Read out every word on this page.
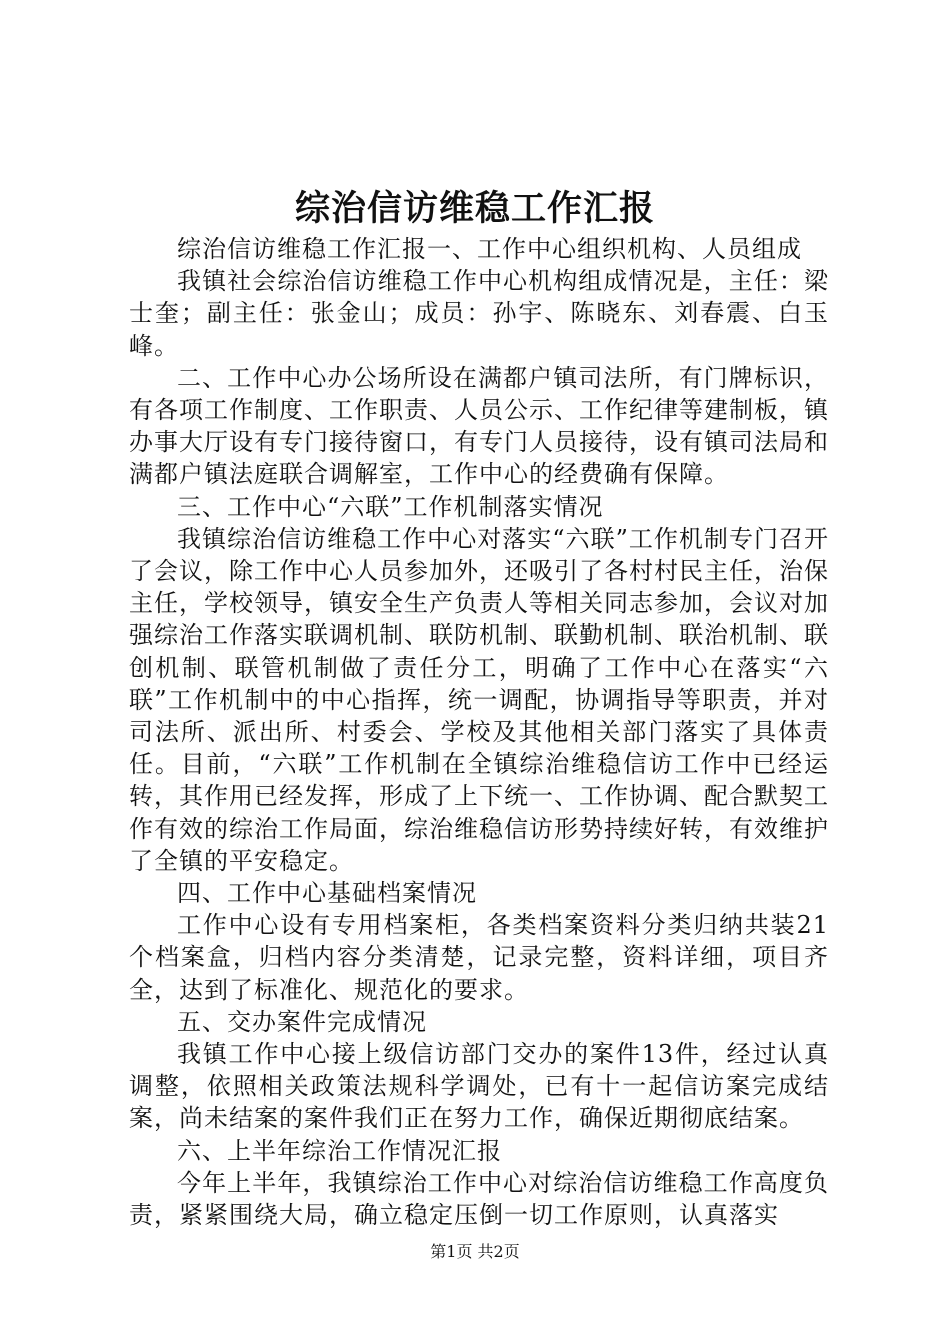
综治信访维稳工作汇报

综治信访维稳工作汇报一、工作中心组织机构、人员组成

我镇社会综治信访维稳工作中心机构组成情况是，主任：梁士奎；副主任：张金山；成员：孙宇、陈晓东、刘春震、白玉峰。

二、工作中心办公场所设在满都户镇司法所，有门牌标识，有各项工作制度、工作职责、人员公示、工作纪律等建制板，镇办事大厅设有专门接待窗口，有专门人员接待，设有镇司法局和满都户镇法庭联合调解室，工作中心的经费确有保障。

三、工作中心“六联”工作机制落实情况

我镇综治信访维稳工作中心对落实“六联”工作机制专门召开了会议，除工作中心人员参加外，还吸引了各村村民主任，治保主任，学校领导，镇安全生产负责人等相关同志参加，会议对加强综治工作落实联调机制、联防机制、联勤机制、联治机制、联创机制、联管机制做了责任分工，明确了工作中心在落实“六联”工作机制中的中心指挥，统一调配，协调指导等职责，并对司法所、派出所、村委会、学校及其他相关部门落实了具体责任。目前，“六联”工作机制在全镇综治维稳信访工作中已经运转，其作用已经发挥，形成了上下统一、工作协调、配合默契工作有效的综治工作局面，综治维稳信访形势持续好转，有效维护了全镇的平安稳定。

四、工作中心基础档案情况

工作中心设有专用档案柜，各类档案资料分类归纳共装21个档案盒，归档内容分类清楚，记录完整，资料详细，项目齐全，达到了标准化、规范化的要求。

五、交办案件完成情况

我镇工作中心接上级信访部门交办的案件13件，经过认真调整，依照相关政策法规科学调处，已有十一起信访案完成结案，尚未结案的案件我们正在努力工作，确保近期彻底结案。

六、上半年综治工作情况汇报

今年上半年，我镇综治工作中心对综治信访维稳工作高度负责，紧紧围绕大局，确立稳定压倒一切工作原则，认真落实

第1页 共2页
